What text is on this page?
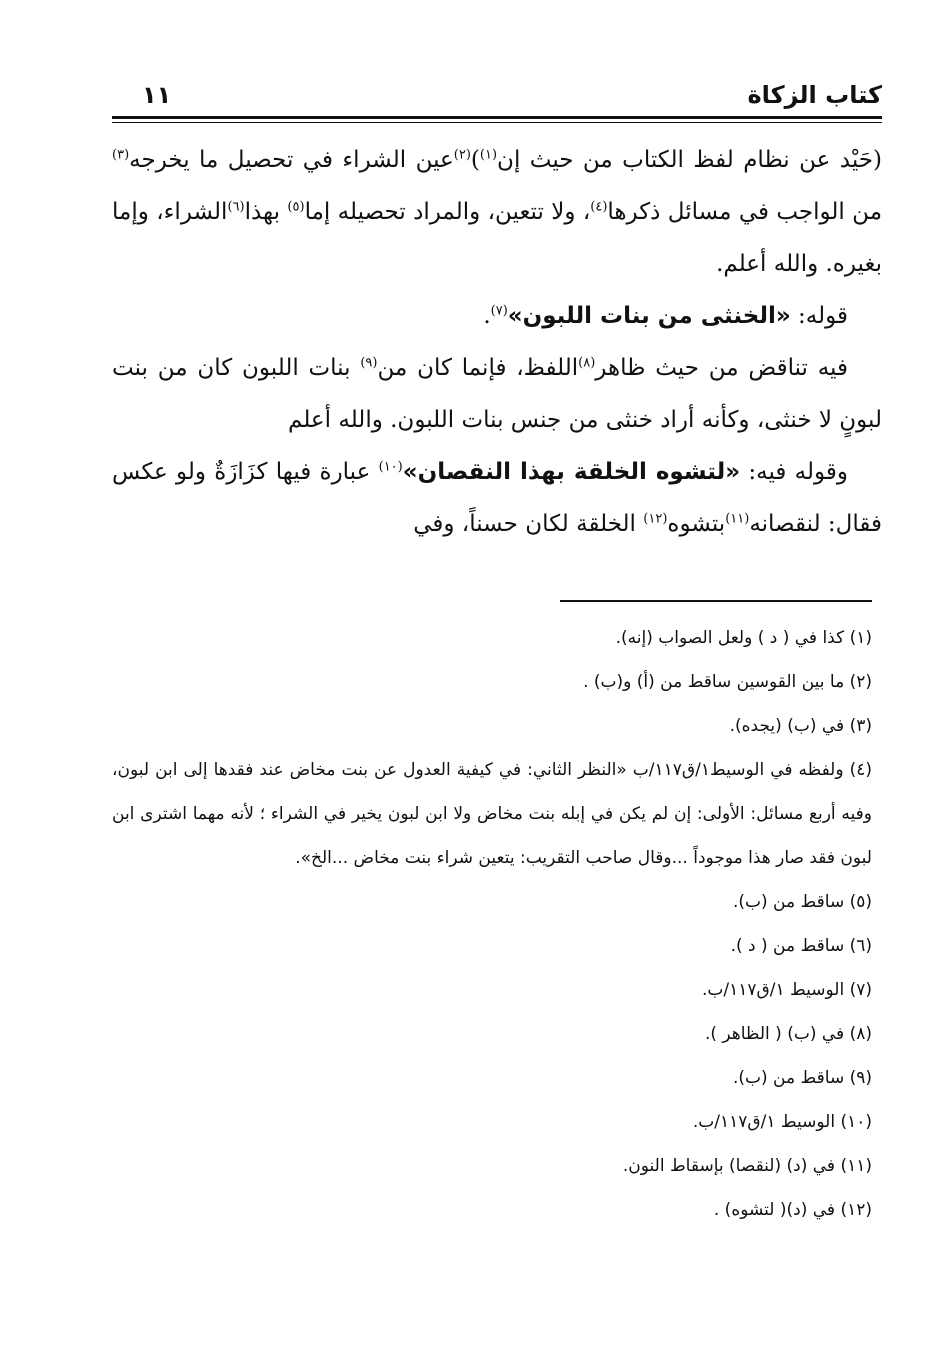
كتاب الزكاة
١١

(حَيْد عن نظام لفظ الكتاب من حيث إن$^{(١)}$)$^{(٢)}$عين الشراء في تحصيل ما يخرجه$^{(٣)}$ من الواجب في مسائل ذكرها$^{(٤)}$، ولا تتعين، والمراد تحصيله إما$^{(٥)}$ بهذا$^{(٦)}$الشراء، وإما بغيره. والله أعلم.

قوله: «الخنثى من بنات اللبون»$^{(٧)}$.

فيه تناقض من حيث ظاهر$^{(٨)}$اللفظ، فإنما كان من$^{(٩)}$ بنات اللبون كان من بنت لبونٍ لا خنثى، وكأنه أراد خنثى من جنس بنات اللبون. والله أعلم

وقوله فيه: «لتشوه الخلقة بهذا النقصان»$^{(١٠)}$ عبارة فيها كزَازَةٌ ولو عكس فقال: لنقصانه$^{(١١)}$بتشوه$^{(١٢)}$ الخلقة لكان حسناً، وفي

(١) كذا في ( د ) ولعل الصواب (إنه).

(٢) ما بين القوسين ساقط من (أ) و(ب) .

(٣) في (ب) (يجده).

(٤) ولفظه في الوسيط١/ق١١٧/ب «النظر الثاني: في كيفية العدول عن بنت مخاض عند فقدها إلى ابن لبون، وفيه أربع مسائل: الأولى: إن لم يكن في إبله بنت مخاض ولا ابن لبون يخير في الشراء ؛ لأنه مهما اشترى ابن لبون فقد صار هذا موجوداً ...وقال صاحب التقريب: يتعين شراء بنت مخاض ...الخ».

(٥) ساقط من (ب).

(٦) ساقط من ( د ).

(٧) الوسيط ١/ق١١٧/ب.

(٨) في (ب) ( الظاهر ).

(٩) ساقط من (ب).

(١٠) الوسيط ١/ق١١٧/ب.

(١١) في (د) (لنقصا) بإسقاط النون.

(١٢) في (د)( لتشوه) .
